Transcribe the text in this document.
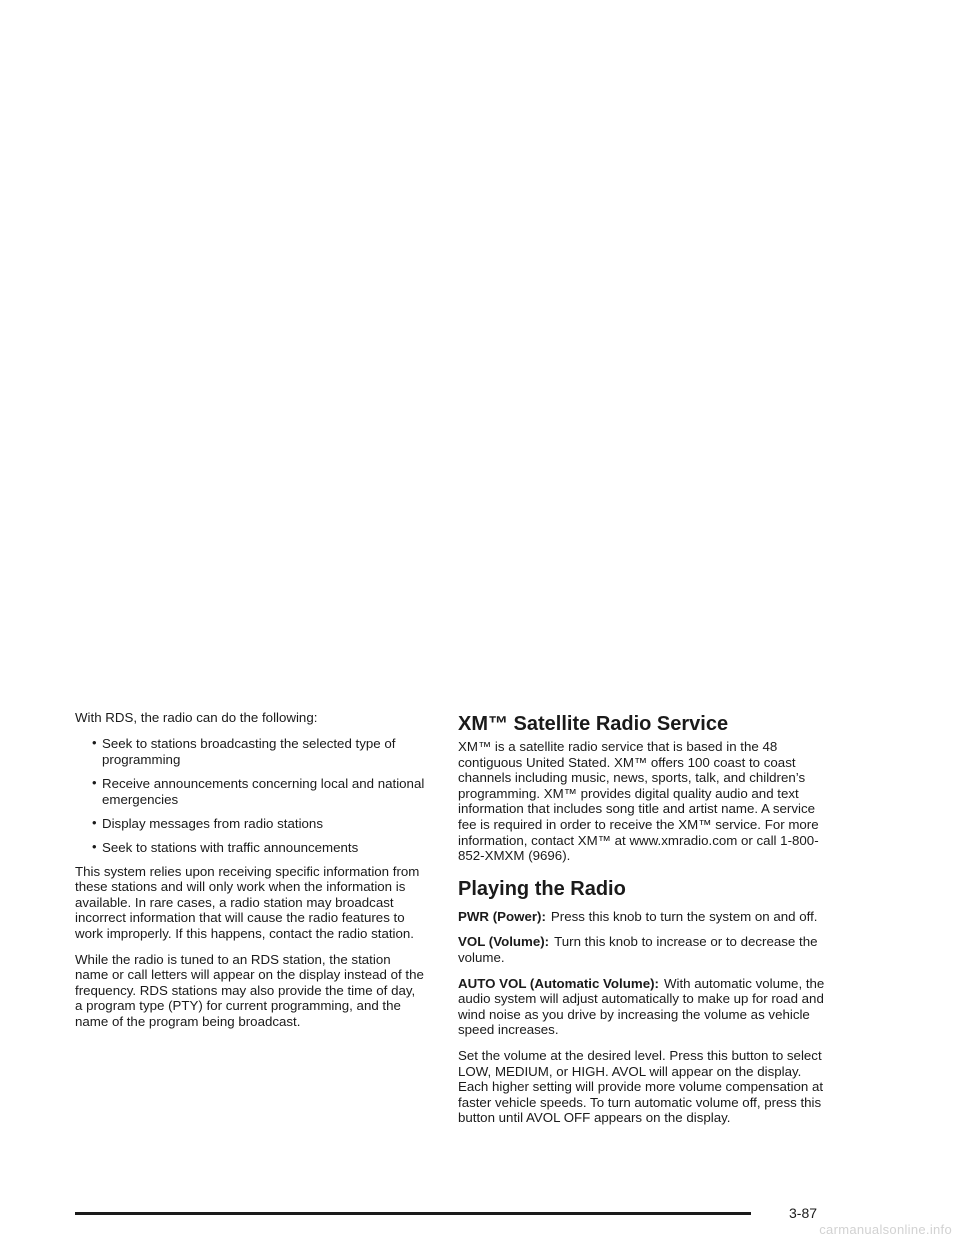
With RDS, the radio can do the following:

• Seek to stations broadcasting the selected type of programming
• Receive announcements concerning local and national emergencies
• Display messages from radio stations
• Seek to stations with traffic announcements

This system relies upon receiving specific information from these stations and will only work when the information is available. In rare cases, a radio station may broadcast incorrect information that will cause the radio features to work improperly. If this happens, contact the radio station.

While the radio is tuned to an RDS station, the station name or call letters will appear on the display instead of the frequency. RDS stations may also provide the time of day, a program type (PTY) for current programming, and the name of the program being broadcast.

XM™ Satellite Radio Service

XM™ is a satellite radio service that is based in the 48 contiguous United Stated. XM™ offers 100 coast to coast channels including music, news, sports, talk, and children’s programming. XM™ provides digital quality audio and text information that includes song title and artist name. A service fee is required in order to receive the XM™ service. For more information, contact XM™ at www.xmradio.com or call 1-800-852-XMXM (9696).

Playing the Radio

PWR (Power): Press this knob to turn the system on and off.

VOL (Volume): Turn this knob to increase or to decrease the volume.

AUTO VOL (Automatic Volume): With automatic volume, the audio system will adjust automatically to make up for road and wind noise as you drive by increasing the volume as vehicle speed increases.

Set the volume at the desired level. Press this button to select LOW, MEDIUM, or HIGH. AVOL will appear on the display. Each higher setting will provide more volume compensation at faster vehicle speeds. To turn automatic volume off, press this button until AVOL OFF appears on the display.

3-87
carmanualsonline.info
